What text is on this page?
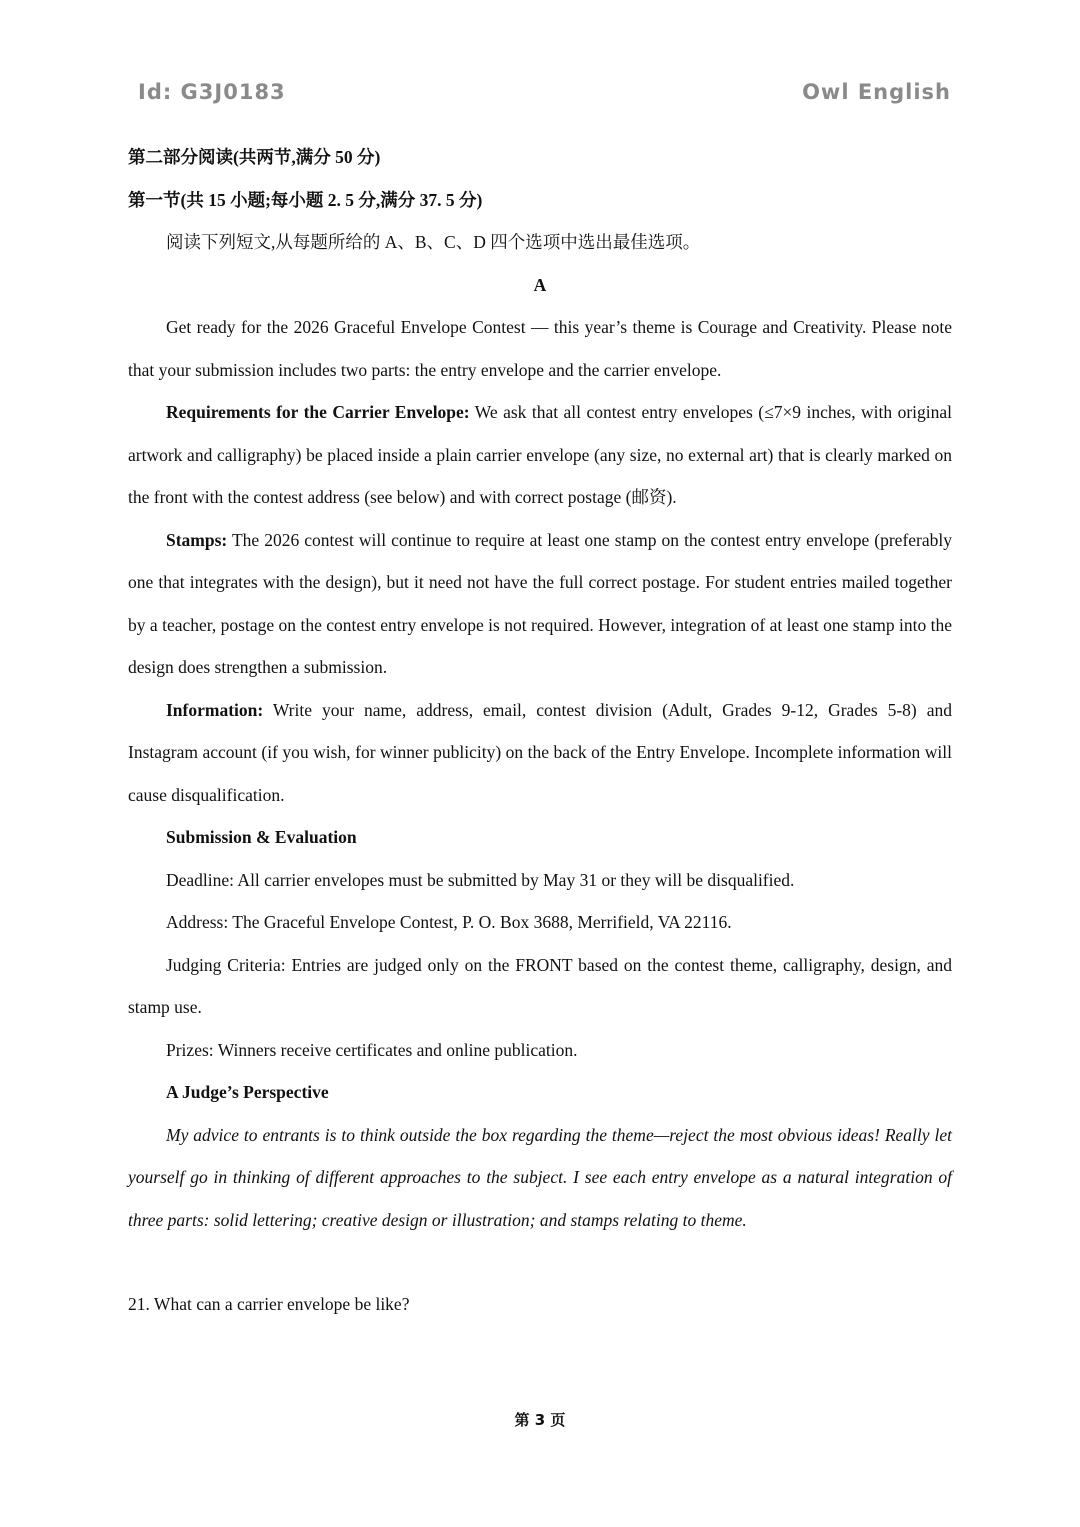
Id: G3J0183	Owl English

第二部分阅读(共两节,满分 50 分)

第一节(共 15 小题;每小题 2. 5 分,满分 37. 5 分)

阅读下列短文,从每题所给的 A、B、C、D 四个选项中选出最佳选项。

A

Get ready for the 2026 Graceful Envelope Contest — this year’s theme is Courage and Creativity. Please note that your submission includes two parts: the entry envelope and the carrier envelope.

Requirements for the Carrier Envelope: We ask that all contest entry envelopes (≤7×9 inches, with original artwork and calligraphy) be placed inside a plain carrier envelope (any size, no external art) that is clearly marked on the front with the contest address (see below) and with correct postage (邮资).

Stamps: The 2026 contest will continue to require at least one stamp on the contest entry envelope (preferably one that integrates with the design), but it need not have the full correct postage. For student entries mailed together by a teacher, postage on the contest entry envelope is not required. However, integration of at least one stamp into the design does strengthen a submission.

Information: Write your name, address, email, contest division (Adult, Grades 9-12, Grades 5-8) and Instagram account (if you wish, for winner publicity) on the back of the Entry Envelope. Incomplete information will cause disqualification.

Submission & Evaluation

Deadline: All carrier envelopes must be submitted by May 31 or they will be disqualified.

Address: The Graceful Envelope Contest, P. O. Box 3688, Merrifield, VA 22116.

Judging Criteria: Entries are judged only on the FRONT based on the contest theme, calligraphy, design, and stamp use.

Prizes: Winners receive certificates and online publication.

A Judge’s Perspective

My advice to entrants is to think outside the box regarding the theme—reject the most obvious ideas! Really let yourself go in thinking of different approaches to the subject. I see each entry envelope as a natural integration of three parts: solid lettering; creative design or illustration; and stamps relating to theme.

21. What can a carrier envelope be like?

第 3 页
